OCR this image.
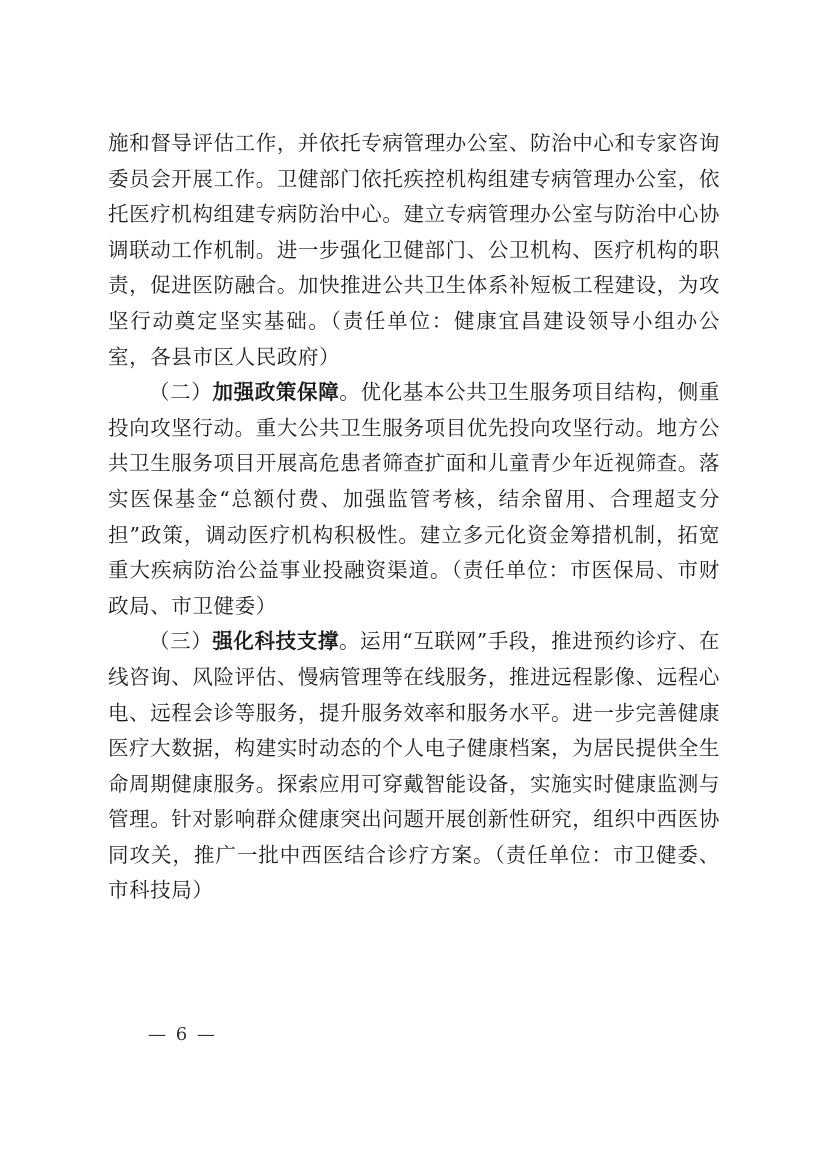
施和督导评估工作，并依托专病管理办公室、防治中心和专家咨询委员会开展工作。卫健部门依托疾控机构组建专病管理办公室，依托医疗机构组建专病防治中心。建立专病管理办公室与防治中心协调联动工作机制。进一步强化卫健部门、公卫机构、医疗机构的职责，促进医防融合。加快推进公共卫生体系补短板工程建设，为攻坚行动奠定坚实基础。（责任单位：健康宜昌建设领导小组办公室，各县市区人民政府）

（二）加强政策保障。优化基本公共卫生服务项目结构，侧重投向攻坚行动。重大公共卫生服务项目优先投向攻坚行动。地方公共卫生服务项目开展高危患者筛查扩面和儿童青少年近视筛查。落实医保基金“总额付费、加强监管考核，结余留用、合理超支分担”政策，调动医疗机构积极性。建立多元化资金筹措机制，拓宽重大疾病防治公益事业投融资渠道。（责任单位：市医保局、市财政局、市卫健委）

（三）强化科技支撑。运用“互联网”手段，推进预约诊疗、在线咨询、风险评估、慢病管理等在线服务，推进远程影像、远程心电、远程会诊等服务，提升服务效率和服务水平。进一步完善健康医疗大数据，构建实时动态的个人电子健康档案，为居民提供全生命周期健康服务。探索应用可穿戴智能设备，实施实时健康监测与管理。针对影响群众健康突出问题开展创新性研究，组织中西医协同攻关，推广一批中西医结合诊疗方案。（责任单位：市卫健委、市科技局）

— 6 —
